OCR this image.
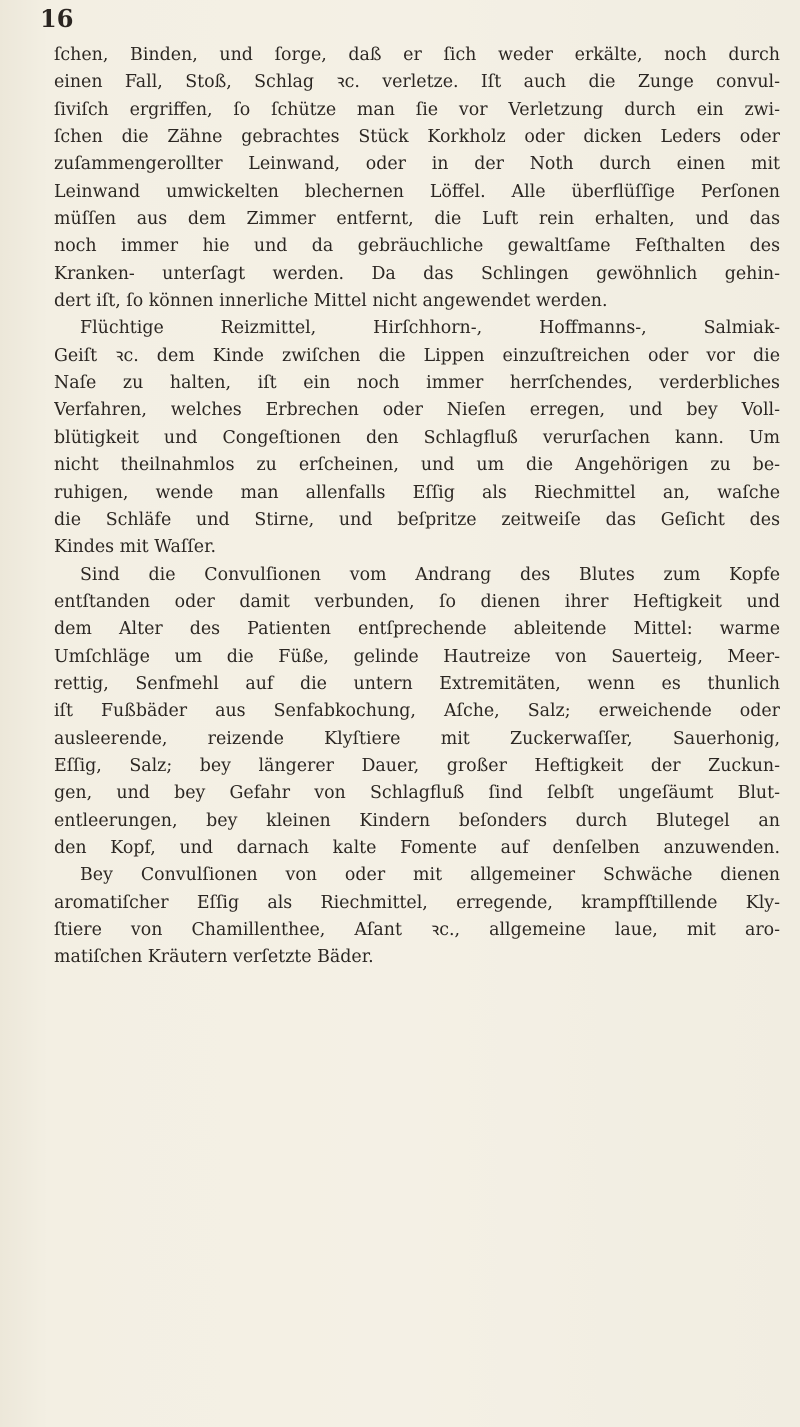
16
ſchen, Binden, und ſorge, daß er ſich weder erkälte, noch durch
einen Fall, Stoß, Schlag ꝛc. verletze. Iſt auch die Zunge convul-
ſiviſch ergriffen, ſo ſchütze man ſie vor Verletzung durch ein zwi-
ſchen die Zähne gebrachtes Stück Korkholz oder dicken Leders oder
zuſammengerollter Leinwand, oder in der Noth durch einen mit
Leinwand umwickelten blechernen Löffel. Alle überflüſſige Perſonen
müſſen aus dem Zimmer entfernt, die Luft rein erhalten, und das
noch immer hie und da gebräuchliche gewaltſame Feſthalten des
Kranken- unterſagt werden. Da das Schlingen gewöhnlich gehin-
dert iſt, ſo können innerliche Mittel nicht angewendet werden.
Flüchtige Reizmittel, Hirſchhorn-, Hoffmanns-, Salmiak-
Geiſt ꝛc. dem Kinde zwiſchen die Lippen einzuſtreichen oder vor die
Naſe zu halten, iſt ein noch immer herrſchendes, verderbliches
Verfahren, welches Erbrechen oder Nieſen erregen, und bey Voll-
blütigkeit und Congeſtionen den Schlagfluß verurſachen kann. Um
nicht theilnahmlos zu erſcheinen, und um die Angehörigen zu be-
ruhigen, wende man allenfalls Eſſig als Riechmittel an, waſche
die Schläfe und Stirne, und beſpritze zeitweiſe das Geſicht des
Kindes mit Waſſer.
Sind die Convulſionen vom Andrang des Blutes zum Kopfe
entſtanden oder damit verbunden, ſo dienen ihrer Heftigkeit und
dem Alter des Patienten entſprechende ableitende Mittel: warme
Umſchläge um die Füße, gelinde Hautreize von Sauerteig, Meer-
rettig, Senfmehl auf die untern Extremitäten, wenn es thunlich
iſt Fußbäder aus Senfabkochung, Aſche, Salz; erweichende oder
ausleerende, reizende Klyſtiere mit Zuckerwaſſer, Sauerhonig,
Eſſig, Salz; bey längerer Dauer, großer Heftigkeit der Zuckun-
gen, und bey Gefahr von Schlagfluß ſind ſelbſt ungeſäumt Blut-
entleerungen, bey kleinen Kindern beſonders durch Blutegel an
den Kopf, und darnach kalte Fomente auf denſelben anzuwenden.
Bey Convulſionen von oder mit allgemeiner Schwäche dienen
aromatiſcher Eſſig als Riechmittel, erregende, krampfſtillende Kly-
ſtiere von Chamillenthee, Aſant ꝛc., allgemeine laue, mit aro-
matiſchen Kräutern verſetzte Bäder.
